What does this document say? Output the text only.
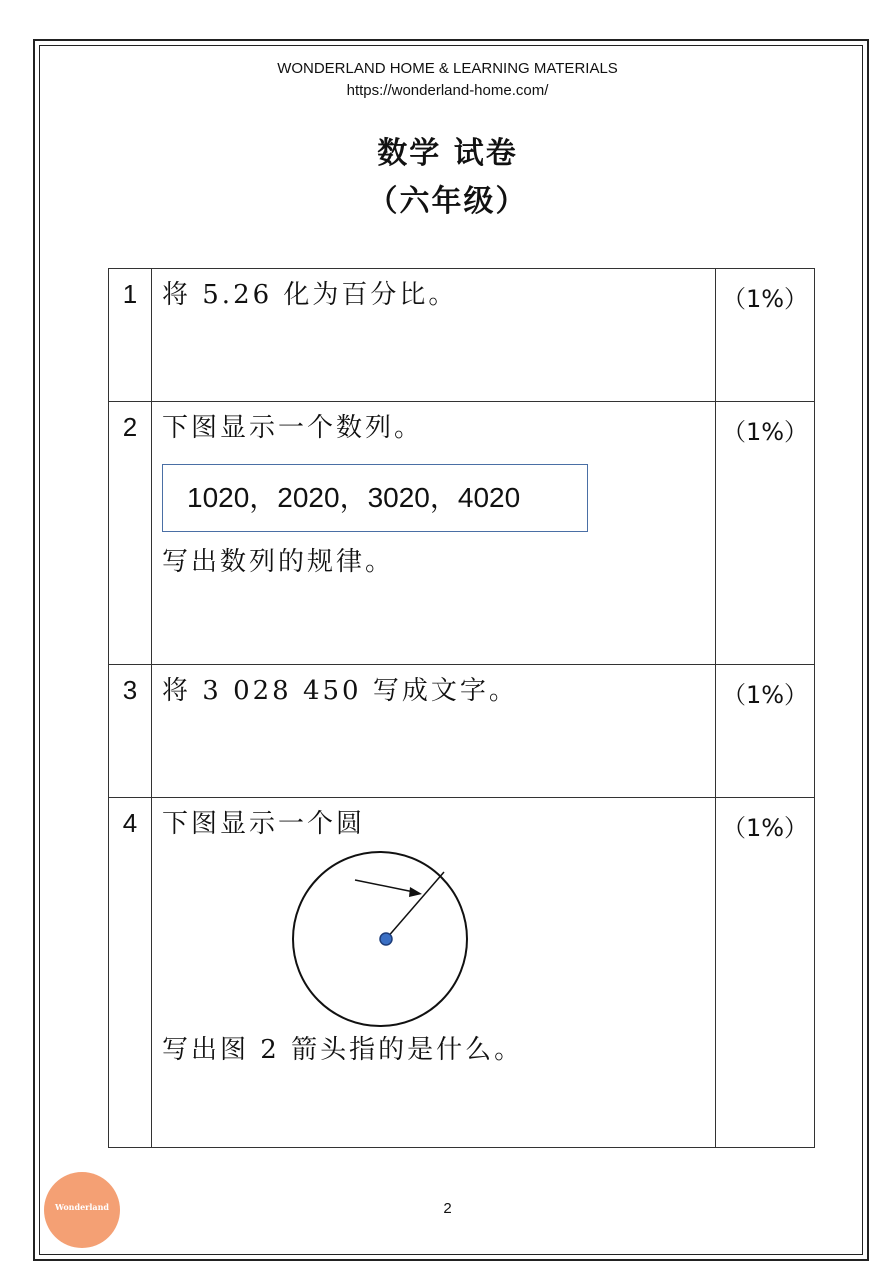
WONDERLAND HOME & LEARNING MATERIALS
https://wonderland-home.com/
数学 试卷
（六年级）
1	将 5.26 化为百分比。	（1%）
2	下图显示一个数列。
1020，2020，3020，4020
写出数列的规律。	（1%）
3	将 3 028 450 写成文字。	（1%）
4	下图显示一个圆
写出图 2 箭头指的是什么。	（1%）
Wonderland	2
